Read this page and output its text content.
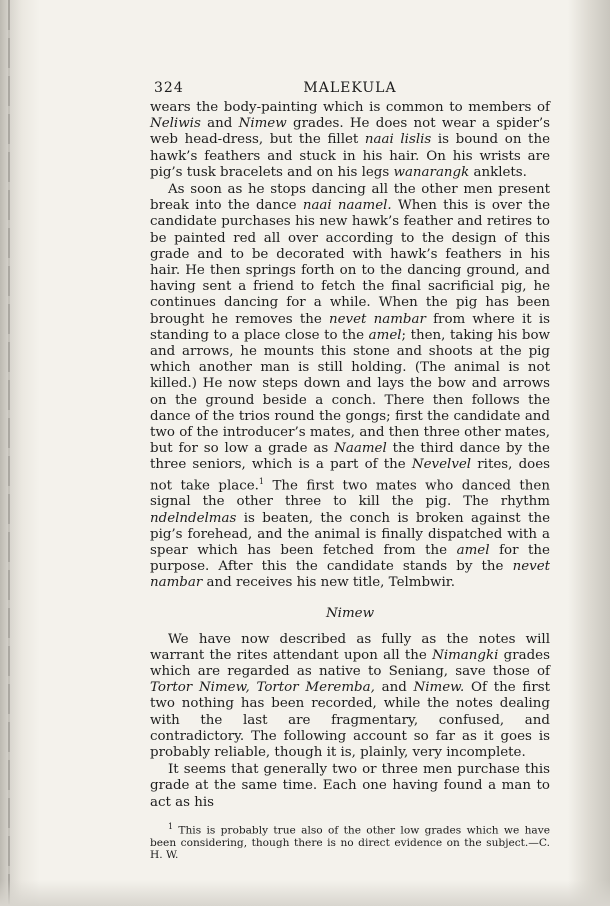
324	MALEKULA

wears the body-painting which is common to members of Neliwis and Nimew grades. He does not wear a spider’s web head-dress, but the fillet naai lislis is bound on the hawk’s feathers and stuck in his hair. On his wrists are pig’s tusk bracelets and on his legs wanarangk anklets.

As soon as he stops dancing all the other men present break into the dance naai naamel. When this is over the candidate purchases his new hawk’s feather and retires to be painted red all over according to the design of this grade and to be decorated with hawk’s feathers in his hair. He then springs forth on to the dancing ground, and having sent a friend to fetch the final sacrificial pig, he continues dancing for a while. When the pig has been brought he removes the nevet nambar from where it is standing to a place close to the amel; then, taking his bow and arrows, he mounts this stone and shoots at the pig which another man is still holding. (The animal is not killed.) He now steps down and lays the bow and arrows on the ground beside a conch. There then follows the dance of the trios round the gongs; first the candidate and two of the introducer’s mates, and then three other mates, but for so low a grade as Naamel the third dance by the three seniors, which is a part of the Nevelvel rites, does not take place.$^1$ The first two mates who danced then signal the other three to kill the pig. The rhythm ndelndelmas is beaten, the conch is broken against the pig’s forehead, and the animal is finally dispatched with a spear which has been fetched from the amel for the purpose. After this the candidate stands by the nevet nambar and receives his new title, Telmbwir.

Nimew

We have now described as fully as the notes will warrant the rites attendant upon all the Nimangki grades which are regarded as native to Seniang, save those of Tortor Nimew, Tortor Meremba, and Nimew. Of the first two nothing has been recorded, while the notes dealing with the last are fragmentary, confused, and contradictory. The following account so far as it goes is probably reliable, though it is, plainly, very incomplete.

It seems that generally two or three men purchase this grade at the same time. Each one having found a man to act as his

$^1$ This is probably true also of the other low grades which we have been considering, though there is no direct evidence on the subject.—C. H. W.
